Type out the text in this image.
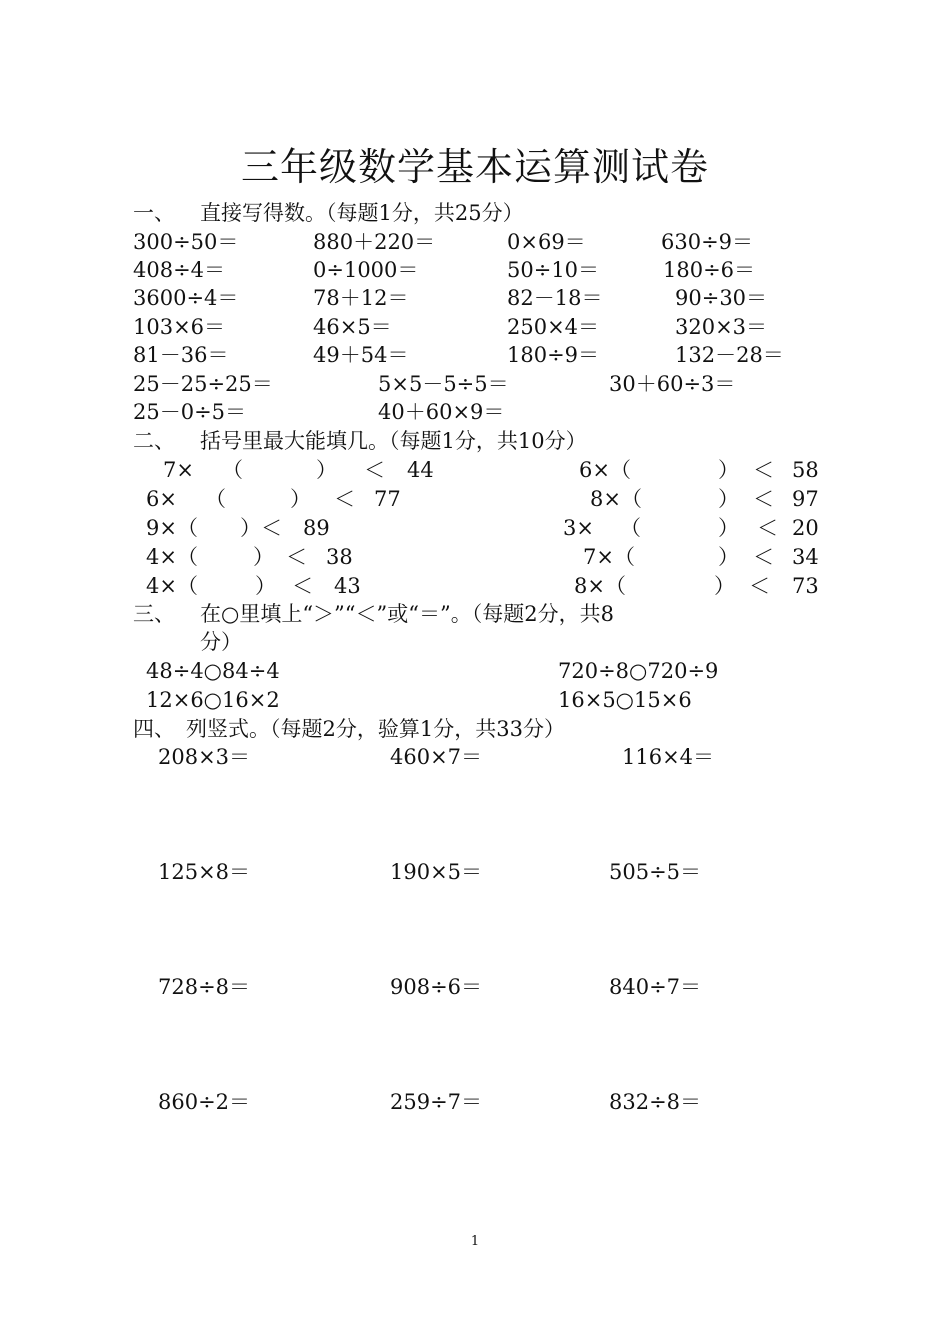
三年级数学基本运算测试卷
一、 直接写得数。（每题1分，共25分）
300÷50＝	880＋220＝	0×69＝	630÷9＝
408÷4＝	0÷1000＝	50÷10＝	180÷6＝
3600÷4＝	78＋12＝	82－18＝	90÷30＝
103×6＝	46×5＝	250×4＝	320×3＝
81－36＝	49＋54＝	180÷9＝	132－28＝
25－25÷25＝	5×5－5÷5＝	30＋60÷3＝
25－0÷5＝	40＋60×9＝
二、 括号里最大能填几。（每题1分，共10分）
7× （	） ＜ 44	6×（	） ＜ 58
6× （	） ＜ 77	8×（	） ＜ 97
9×（ ）＜ 89	3× （	） ＜ 20
4×（	） ＜ 38	7×（	） ＜ 34
4×（	） ＜ 43	8×（	） ＜ 73
三、 在○里填上“＞”“＜”或“＝”。（每题2分，共8
分）
48÷4○84÷4	720÷8○720÷9
12×6○16×2	16×5○15×6
四、 列竖式。（每题2分，验算1分，共33分）
208×3＝	460×7＝	116×4＝
125×8＝	190×5＝	505÷5＝
728÷8＝	908÷6＝	840÷7＝
860÷2＝	259÷7＝	832÷8＝
1
